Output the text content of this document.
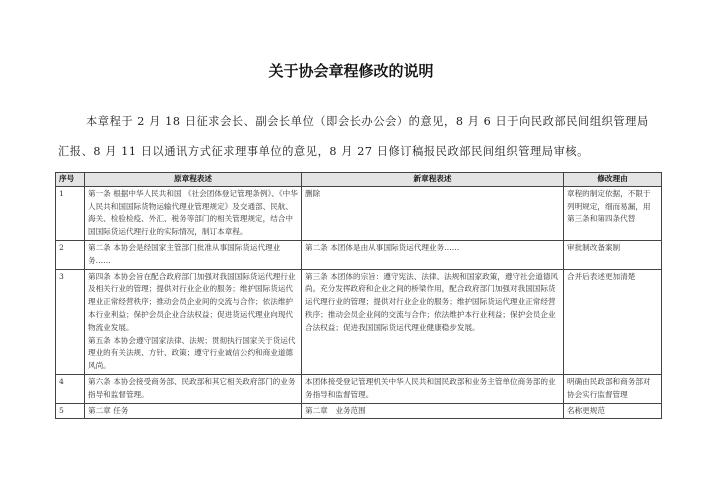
关于协会章程修改的说明
本章程于 2 月 18 日征求会长、副会长单位（即会长办公会）的意见，8 月 6 日于向民政部民间组织管理局汇报、8 月 11 日以通讯方式征求理事单位的意见，8 月 27 日修订稿报民政部民间组织管理局审核。
序号	原章程表述	新章程表述	修改理由
1	第一条 根据中华人民共和国 《社会团体登记管理条例》、《中华人民共和国国际货物运输代理业管理规定》及交通部、民航、海关、检验检疫、外汇、税务等部门的相关管理规定，结合中国国际货运代理行业的实际情况，制订本章程。	删除	章程的制定依据，不限于列明规定，细而易漏，用第三条和第四条代替
2	第二条 本协会是经国家主管部门批准从事国际货运代理业务……	第二条 本团体是由从事国际货运代理业务……	审批制改备案制
3	第四条 本协会旨在配合政府部门加强对我国国际货运代理行业及相关行业的管理；提供对行业企业的服务；维护国际货运代理业正常经营秩序；推动会员企业间的交流与合作；依法维护本行业利益；保护会员企业合法权益；促进货运代理业向现代物流业发展。
第五条 本协会遵守国家法律、法规；贯彻执行国家关于货运代理业的有关法规、方针、政策；遵守行业诚信公约和商业道德风尚。	第三条 本团体的宗旨：遵守宪法、法律、法规和国家政策，遵守社会道德风尚。充分发挥政府和企业之间的桥梁作用，配合政府部门加强对我国国际货运代理行业的管理；提供对行业企业的服务；维护国际货运代理业正常经营秩序；推动会员企业间的交流与合作；依法维护本行业利益；保护会员企业合法权益；促进我国国际货运代理业健康稳步发展。	合并后表述更加清楚
4	第六条 本协会接受商务部、民政部和其它相关政府部门的业务指导和监督管理。	本团体接受登记管理机关中华人民共和国民政部和业务主管单位商务部的业务指导和监督管理。	明确由民政部和商务部对协会实行监督管理
5	第二章 任务	第二章　业务范围	名称更规范
